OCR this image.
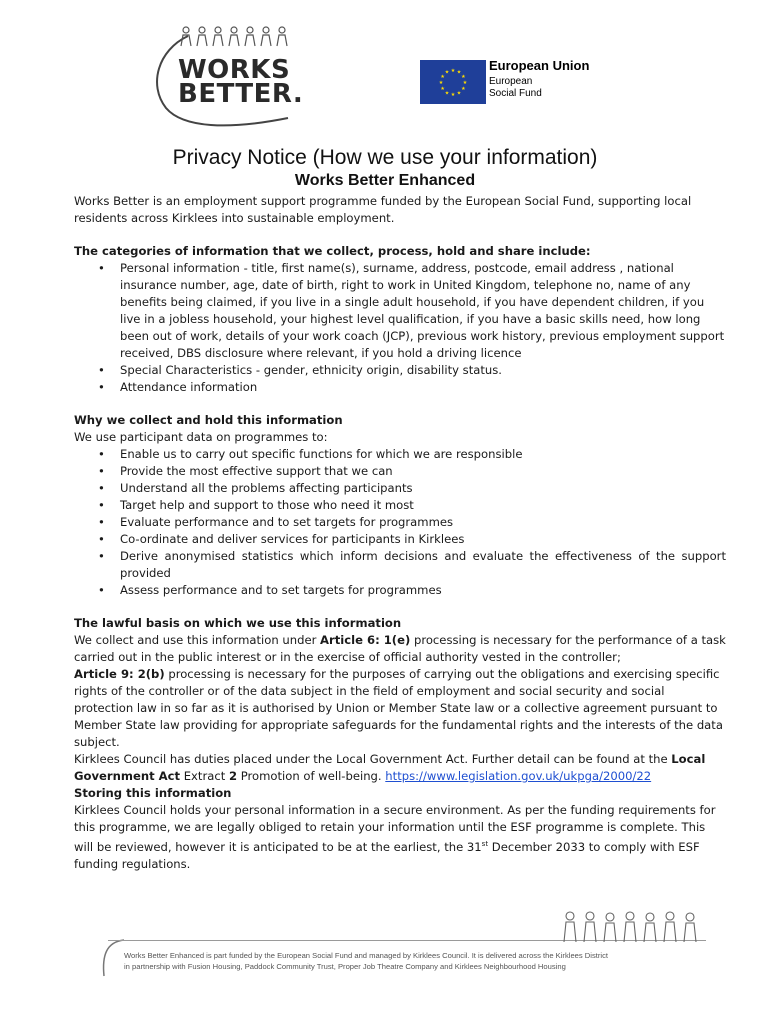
WORKS
BETTER.	★
★
★
★
★
★
★
★
★ ★ ★
★
European Union
European
Social Fund
Privacy Notice (How we use your information)
Works Better Enhanced

Works Better is an employment support programme funded by the European Social Fund, supporting local residents across Kirklees into sustainable employment.

The categories of information that we collect, process, hold and share include:
• Personal information - title, first name(s), surname, address, postcode, email address , national insurance number, age, date of birth, right to work in United Kingdom, telephone no, name of any benefits being claimed, if you live in a single adult household, if you have dependent children, if you live in a jobless household, your highest level qualification, if you have a basic skills need, how long been out of work, details of your work coach (JCP), previous work history, previous employment support received, DBS disclosure where relevant, if you hold a driving licence
• Special Characteristics - gender, ethnicity origin, disability status.
• Attendance information
Why we collect and hold this information

We use participant data on programmes to:

• Enable us to carry out specific functions for which we are responsible
• Provide the most effective support that we can
• Understand all the problems affecting participants
• Target help and support to those who need it most
• Evaluate performance and to set targets for programmes
• Co-ordinate and deliver services for participants in Kirklees
• Derive anonymised statistics which inform decisions and evaluate the effectiveness of the support provided
• Assess performance and to set targets for programmes
The lawful basis on which we use this information

We collect and use this information under Article 6: 1(e) processing is necessary for the performance of a task carried out in the public interest or in the exercise of official authority vested in the controller;

Article 9: 2(b) processing is necessary for the purposes of carrying out the obligations and exercising specific rights of the controller or of the data subject in the field of employment and social security and social protection law in so far as it is authorised by Union or Member State law or a collective agreement pursuant to Member State law providing for appropriate safeguards for the fundamental rights and the interests of the data subject.

Kirklees Council has duties placed under the Local Government Act. Further detail can be found at the Local Government Act Extract 2 Promotion of well-being. https://www.legislation.gov.uk/ukpga/2000/22

Storing this information

Kirklees Council holds your personal information in a secure environment. As per the funding requirements for this programme, we are legally obliged to retain your information until the ESF programme is complete. This will be reviewed, however it is anticipated to be at the earliest, the 31st December 2033 to comply with ESF funding regulations.

Works Better Enhanced is part funded by the European Social Fund and managed by Kirklees Council. It is delivered across the Kirklees District
in partnership with Fusion Housing, Paddock Community Trust, Proper Job Theatre Company and Kirklees Neighbourhood Housing
